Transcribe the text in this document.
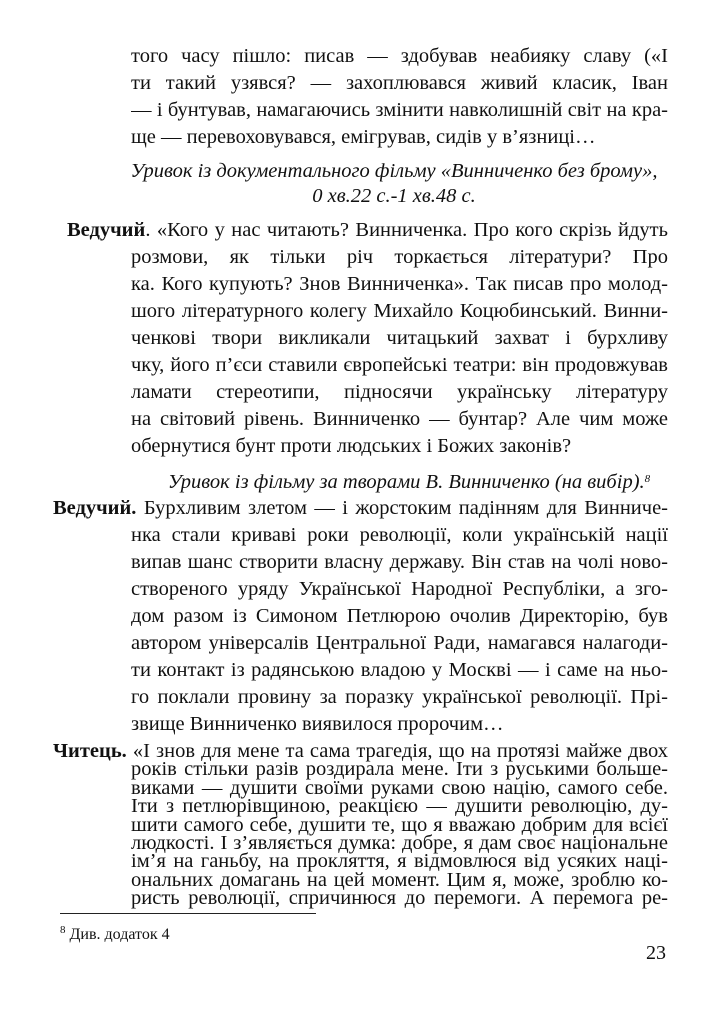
того часу пішло: писав — здобував неабияку славу («І
ти такий узявся? — захоплювався живий класик, Іван
— і бунтував, намагаючись змінити навколишній світ на кра-
ще — перевоховувався, емігрував, сидів у в’язниці…
Уривок із документального фільму «Винниченко без брому»,
0 хв.22 с.-1 хв.48 с.
Ведучий. «Кого у нас читають? Винниченка. Про кого скрізь йдуть
розмови, як тільки річ торкається літератури? Про
ка. Кого купують? Знов Винниченка». Так писав про молод-
шого літературного колегу Михайло Коцюбинський. Винни-
ченкові твори викликали читацький захват і бурхливу
чку, його п’єси ставили європейські театри: він продовжував
ламати стереотипи, підносячи українську літературу
на світовий рівень. Винниченко — бунтар? Але чим може
обернутися бунт проти людських і Божих законів?
Уривок із фільму за творами В. Винниченко (на вибір).$^8$
Ведучий. Бурхливим злетом — і жорстоким падінням для Винниче-
нка стали криваві роки революції, коли українській нації
випав шанс створити власну державу. Він став на чолі ново-
створеного уряду Української Народної Республіки, а зго-
дом разом із Симоном Петлюрою очолив Директорію, був
автором універсалів Центральної Ради, намагався налагоди-
ти контакт із радянською владою у Москві — і саме на ньо-
го поклали провину за поразку української революції. Прі-
звище Винниченко виявилося пророчим…
Читець. «І знов для мене та сама трагедія, що на протязі майже двох
років стільки разів роздирала мене. Іти з руськими больше-
виками — душити своїми руками свою націю, самого себе.
Іти з петлюрівщиною, реакцією — душити революцію, ду-
шити самого себе, душити те, що я вважаю добрим для всієї
людкості. І з’являється думка: добре, я дам своє національне
$^8$ Див. додаток 4
23
ім’я на ганьбу, на прокляття, я відмовлюся від усяких наці-
ональних домагань на цей момент. Цим я, може, зроблю ко-
ристь революції, спричинюся до перемоги. А перемога ре-
